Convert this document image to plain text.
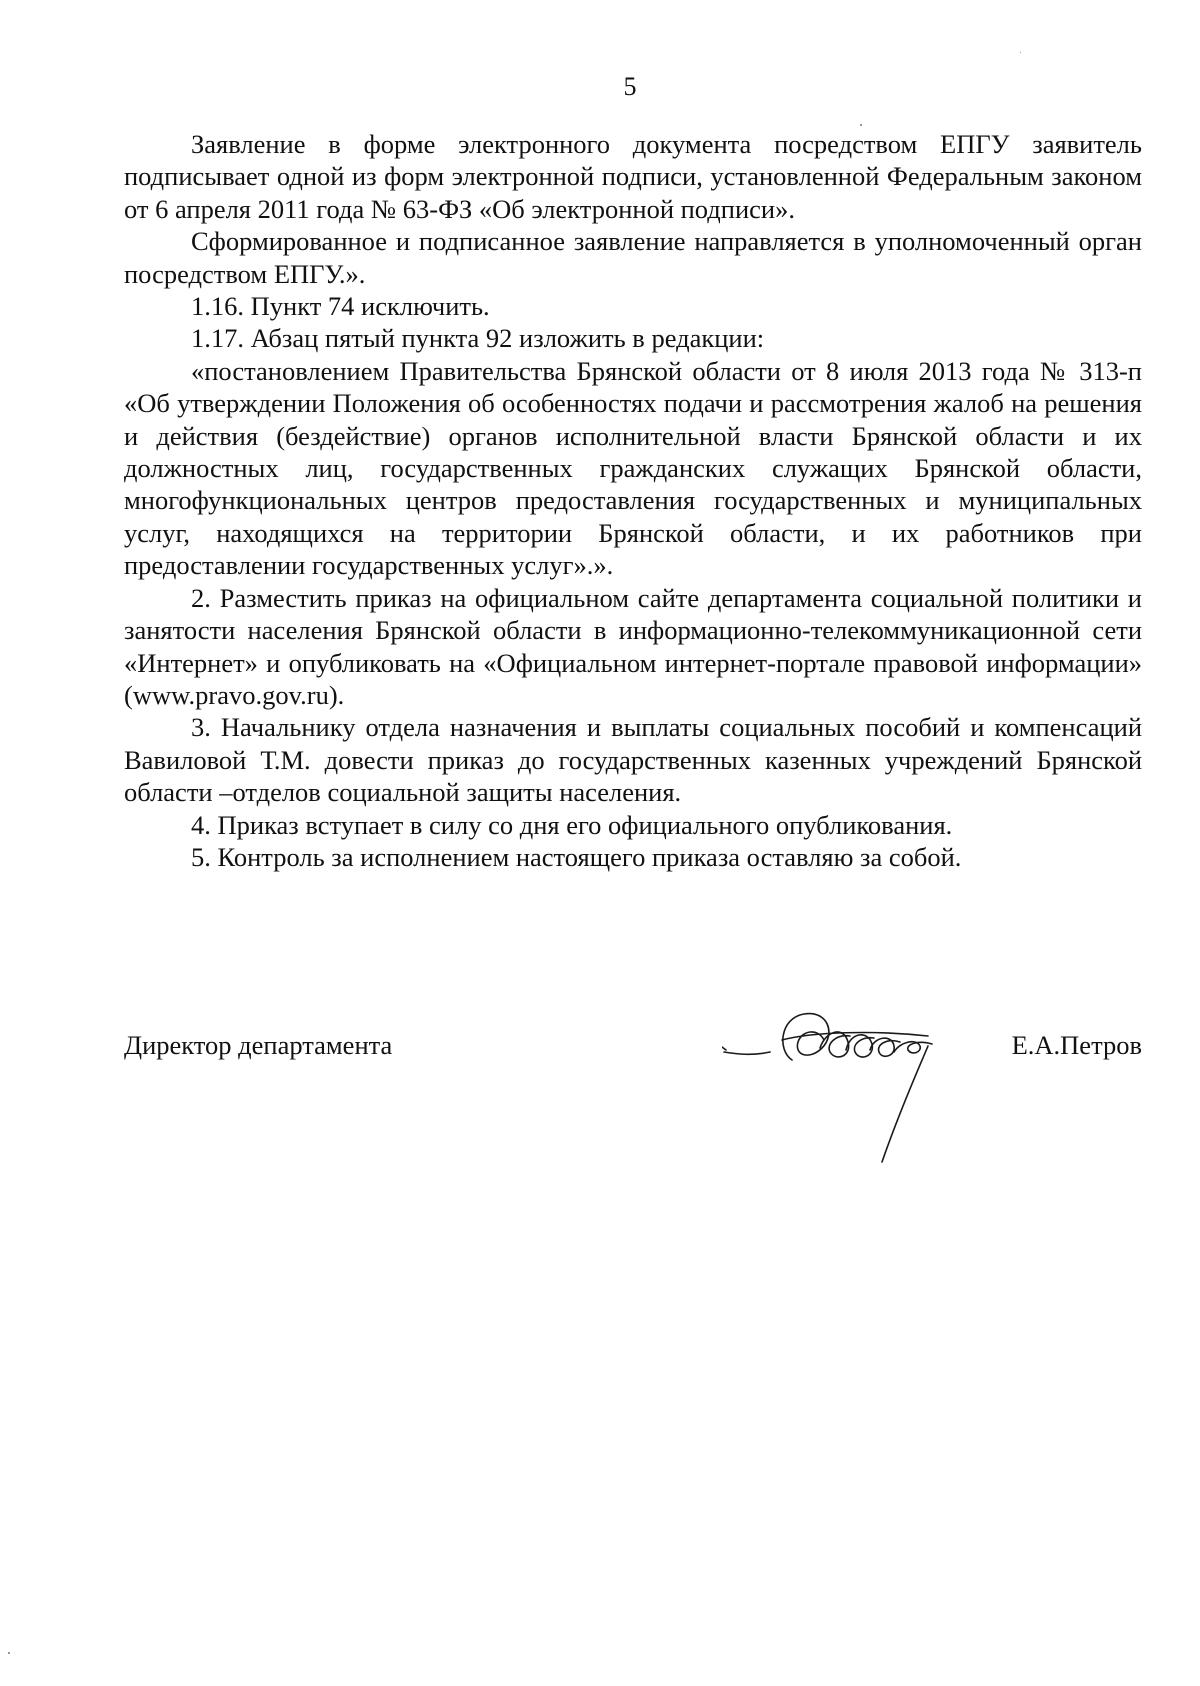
5

Заявление в форме электронного документа посредством ЕПГУ заявитель подписывает одной из форм электронной подписи, установленной Федеральным законом от 6 апреля 2011 года № 63-ФЗ «Об электронной подписи».

Сформированное и подписанное заявление направляется в уполномоченный орган посредством ЕПГУ.».

1.16. Пункт 74 исключить.

1.17. Абзац пятый пункта 92 изложить в редакции:

«постановлением Правительства Брянской области от 8 июля 2013 года № 313-п «Об утверждении Положения об особенностях подачи и рассмотрения жалоб на решения и действия (бездействие) органов исполнительной власти Брянской области и их должностных лиц, государственных гражданских служащих Брянской области, многофункциональных центров предоставления государственных и муниципальных услуг, находящихся на территории Брянской области, и их работников при предоставлении государственных услуг».».

2. Разместить приказ на официальном сайте департамента социальной политики и занятости населения Брянской области в информационно-телекоммуникационной сети «Интернет» и опубликовать на «Официальном интернет-портале правовой информации» (www.pravo.gov.ru).

3. Начальнику отдела назначения и выплаты социальных пособий и компенсаций Вавиловой Т.М. довести приказ до государственных казенных учреждений Брянской области –отделов социальной защиты населения.

4. Приказ вступает в силу со дня его официального опубликования.

5. Контроль за исполнением настоящего приказа оставляю за собой.

Директор департамента	Е.А.Петров
